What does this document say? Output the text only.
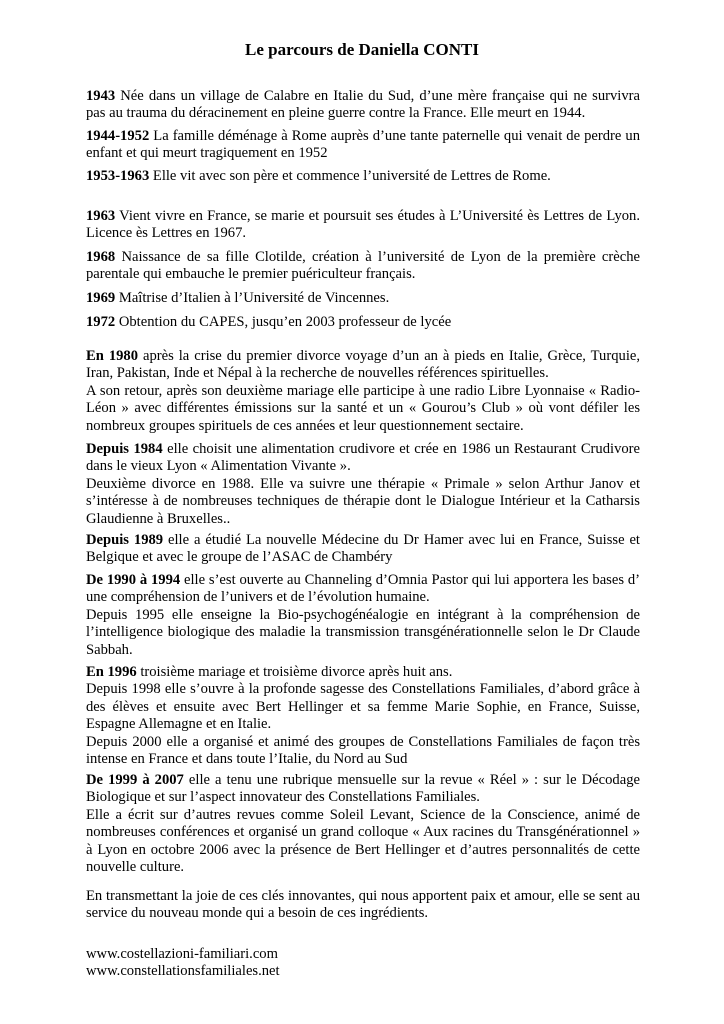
Le parcours de Daniella CONTI

1943 Née dans un village de Calabre en Italie du Sud, d’une mère française qui ne survivra pas au trauma du déracinement en pleine guerre contre la France. Elle meurt en 1944.

1944-1952 La famille déménage à Rome auprès d’une tante paternelle qui venait de perdre un enfant et qui meurt tragiquement en 1952

1953-1963 Elle vit avec son père et commence l’université de Lettres de Rome.

1963 Vient vivre en France, se marie et poursuit ses études à L’Université ès Lettres de Lyon. Licence ès Lettres en 1967.

1968 Naissance de sa fille Clotilde, création à l’université de Lyon de la première crèche parentale qui embauche le premier puériculteur français.

1969 Maîtrise d’Italien à l’Université de Vincennes.

1972 Obtention du CAPES, jusqu’en 2003 professeur de lycée

En 1980 après la crise du premier divorce voyage d’un an à pieds en Italie, Grèce, Turquie, Iran, Pakistan, Inde et Népal à la recherche de nouvelles références spirituelles.

A son retour, après son deuxième mariage elle participe à une radio Libre Lyonnaise « Radio-Léon » avec différentes émissions sur la santé et un « Gourou’s Club » où vont défiler les nombreux groupes spirituels de ces années et leur questionnement sectaire.

Depuis 1984 elle choisit une alimentation crudivore et crée en 1986 un Restaurant Crudivore dans le vieux Lyon « Alimentation Vivante ».

Deuxième divorce en 1988. Elle va suivre une thérapie « Primale » selon Arthur Janov et s’intéresse à de nombreuses techniques de thérapie dont le Dialogue Intérieur et la Catharsis Glaudienne à Bruxelles..

Depuis 1989 elle a étudié La nouvelle Médecine du Dr Hamer avec lui en France, Suisse et Belgique et avec le groupe de l’ASAC de Chambéry

De 1990 à 1994 elle s’est ouverte au Channeling d’Omnia Pastor qui lui apportera les bases d’ une compréhension de l’univers et de l’évolution humaine.

Depuis 1995 elle enseigne la Bio-psychogénéalogie en intégrant à la compréhension de l’intelligence biologique des maladie la transmission transgénérationnelle selon le Dr Claude Sabbah.

En 1996 troisième mariage et troisième divorce après huit ans.

Depuis 1998 elle s’ouvre à la profonde sagesse des Constellations Familiales, d’abord grâce à des élèves et ensuite avec Bert Hellinger et sa femme Marie Sophie, en France, Suisse, Espagne Allemagne et en Italie.

Depuis 2000 elle a organisé et animé des groupes de Constellations Familiales de façon très intense en France et dans toute l’Italie, du Nord au Sud

De 1999 à 2007 elle a tenu une rubrique mensuelle sur la revue « Réel » : sur le Décodage Biologique et sur l’aspect innovateur des Constellations Familiales.

Elle a écrit sur d’autres revues comme Soleil Levant, Science de la Conscience, animé de nombreuses conférences et organisé un grand colloque « Aux racines du Transgénérationnel » à Lyon en octobre 2006 avec la présence de Bert Hellinger et d’autres personnalités de cette nouvelle culture.

En transmettant la joie de ces clés innovantes, qui nous apportent paix et amour, elle se sent au service du nouveau monde qui a besoin de ces ingrédients.

www.costellazioni-familiari.com

www.constellationsfamiliales.net
